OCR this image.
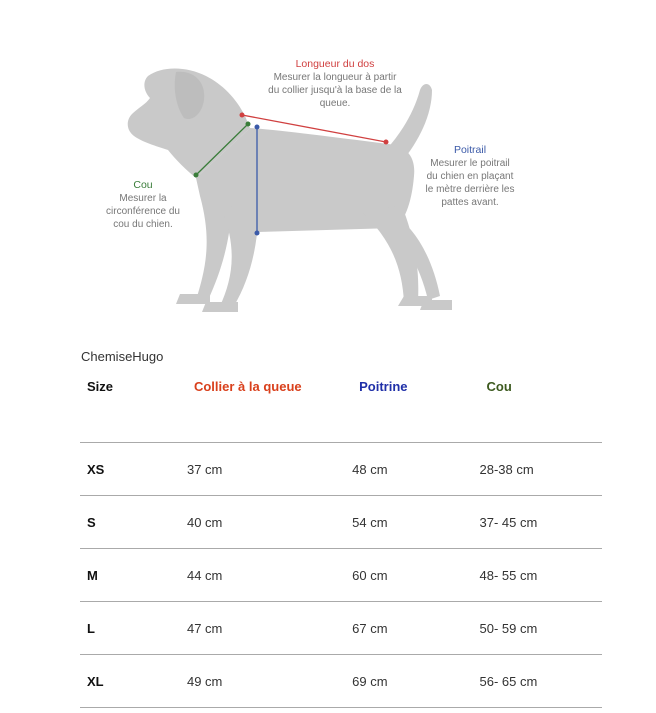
Longueur du dos
Mesurer la longueur à partir
du collier jusqu'à la base de la
queue.
Poitrail
Mesurer le poitrail
du chien en plaçant
le mètre derrière les
pattes avant.
Cou
Mesurer la
circonférence du
cou du chien.
ChemiseHugo
Size	Collier à la queue	Poitrine	Cou
XS	37 cm	48 cm	28-38 cm
S	40 cm	54 cm	37- 45 cm
M	44 cm	60 cm	48- 55 cm
L	47 cm	67 cm	50- 59 cm
XL	49 cm	69 cm	56- 65 cm
